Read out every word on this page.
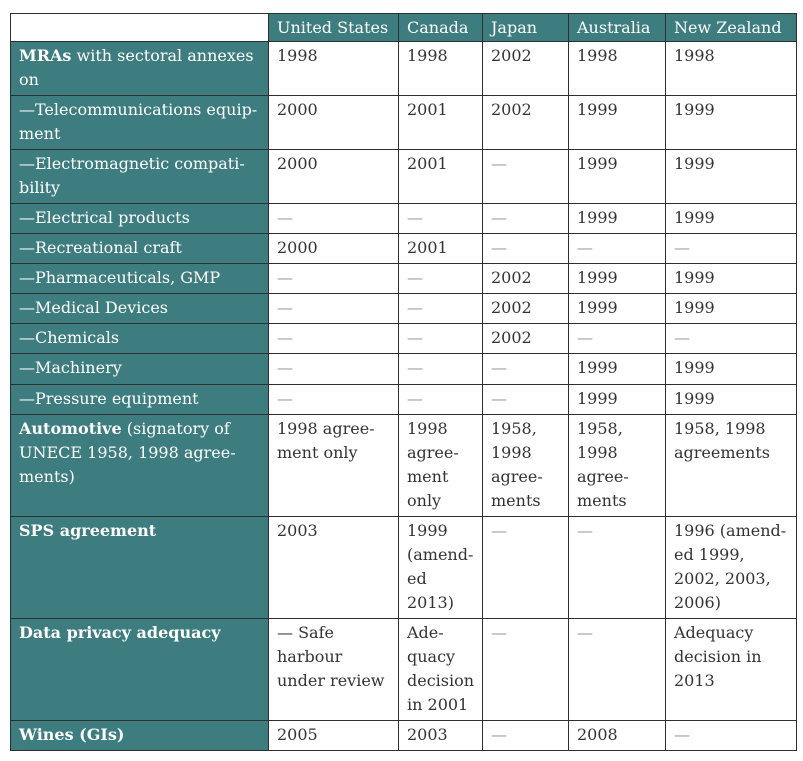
	United States	Canada	Japan	Australia	New Zealand
MRAs with sectoral annexes on	1998	1998	2002	1998	1998
—Telecommunications equip-ment	2000	2001	2002	1999	1999
—Electromagnetic compati-bility	2000	2001	—	1999	1999
—Electrical products	—	—	—	1999	1999
—Recreational craft	2000	2001	—	—	—
—Pharmaceuticals, GMP	—	—	2002	1999	1999
—Medical Devices	—	—	2002	1999	1999
—Chemicals	—	—	2002	—	—
—Machinery	—	—	—	1999	1999
—Pressure equipment	—	—	—	1999	1999
Automotive (signatory of UNECE 1958, 1998 agree-ments)	1998 agree-ment only	1998 agree-ment only	1958, 1998 agree-ments	1958, 1998 agree-ments	1958, 1998 agreements
SPS agreement	2003	1999 (amend-ed 2013)	—	—	1996 (amend-ed 1999, 2002, 2003, 2006)
Data privacy adequacy	— Safe harbour under review	Ade-quacy decision in 2001	—	—	Adequacy decision in 2013
Wines (GIs)	2005	2003	—	2008	—
